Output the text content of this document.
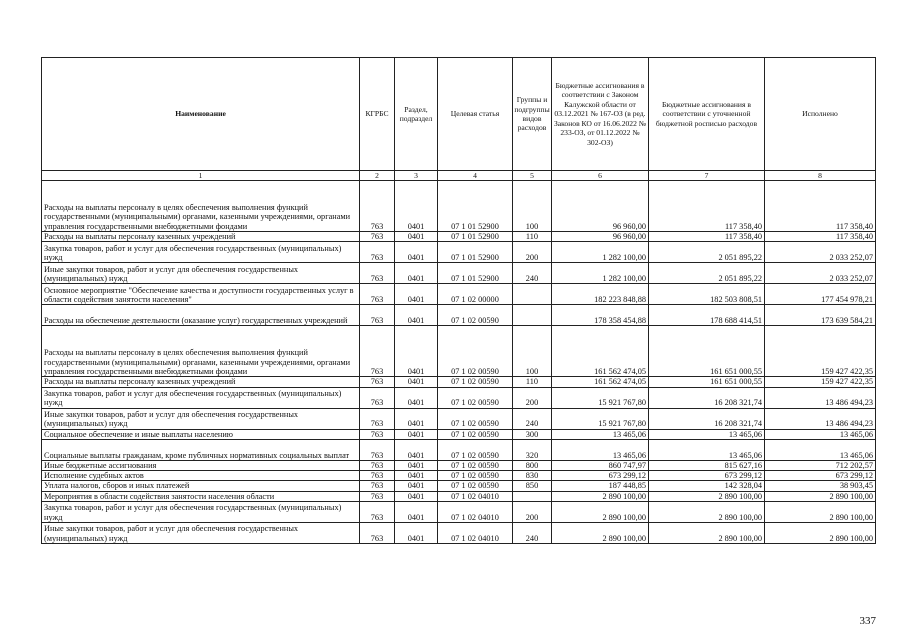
Наименование	КГРБС	Раздел, подраздел	Целевая статья	Группы и подгруппы видов расходов	Бюджетные ассигнования в соответствии с Законом Калужской области от 03.12.2021 № 167-ОЗ (в ред. Законов КО от 16.06.2022 № 233-ОЗ, от 01.12.2022 № 302-ОЗ)	Бюджетные ассигнования в соответствии с уточненной бюджетной росписью расходов	Исполнено
1	2	3	4	5	6	7	8
Расходы на выплаты персоналу в целях обеспечения выполнения функций государственными (муниципальными) органами, казенными учреждениями, органами управления государственными внебюджетными фондами	763	0401	07 1 01 52900	100	96 960,00	117 358,40	117 358,40
Расходы на выплаты персоналу казенных учреждений	763	0401	07 1 01 52900	110	96 960,00	117 358,40	117 358,40
Закупка товаров, работ и услуг для обеспечения государственных (муниципальных) нужд	763	0401	07 1 01 52900	200	1 282 100,00	2 051 895,22	2 033 252,07
Иные закупки товаров, работ и услуг для обеспечения государственных (муниципальных) нужд	763	0401	07 1 01 52900	240	1 282 100,00	2 051 895,22	2 033 252,07
Основное мероприятие "Обеспечение качества и доступности государственных услуг в области содействия занятости населения"	763	0401	07 1 02 00000		182 223 848,88	182 503 808,51	177 454 978,21
Расходы на обеспечение деятельности (оказание услуг) государственных учреждений	763	0401	07 1 02 00590		178 358 454,88	178 688 414,51	173 639 584,21
Расходы на выплаты персоналу в целях обеспечения выполнения функций государственными (муниципальными) органами, казенными учреждениями, органами управления государственными внебюджетными фондами	763	0401	07 1 02 00590	100	161 562 474,05	161 651 000,55	159 427 422,35
Расходы на выплаты персоналу казенных учреждений	763	0401	07 1 02 00590	110	161 562 474,05	161 651 000,55	159 427 422,35
Закупка товаров, работ и услуг для обеспечения государственных (муниципальных) нужд	763	0401	07 1 02 00590	200	15 921 767,80	16 208 321,74	13 486 494,23
Иные закупки товаров, работ и услуг для обеспечения государственных (муниципальных) нужд	763	0401	07 1 02 00590	240	15 921 767,80	16 208 321,74	13 486 494,23
Социальное обеспечение и иные выплаты населению	763	0401	07 1 02 00590	300	13 465,06	13 465,06	13 465,06
Социальные выплаты гражданам, кроме публичных нормативных социальных выплат	763	0401	07 1 02 00590	320	13 465,06	13 465,06	13 465,06
Иные бюджетные ассигнования	763	0401	07 1 02 00590	800	860 747,97	815 627,16	712 202,57
Исполнение судебных актов	763	0401	07 1 02 00590	830	673 299,12	673 299,12	673 299,12
Уплата налогов, сборов и иных платежей	763	0401	07 1 02 00590	850	187 448,85	142 328,04	38 903,45
Мероприятия в области содействия занятости населения области	763	0401	07 1 02 04010		2 890 100,00	2 890 100,00	2 890 100,00
Закупка товаров, работ и услуг для обеспечения государственных (муниципальных) нужд	763	0401	07 1 02 04010	200	2 890 100,00	2 890 100,00	2 890 100,00
Иные закупки товаров, работ и услуг для обеспечения государственных (муниципальных) нужд	763	0401	07 1 02 04010	240	2 890 100,00	2 890 100,00	2 890 100,00
337
